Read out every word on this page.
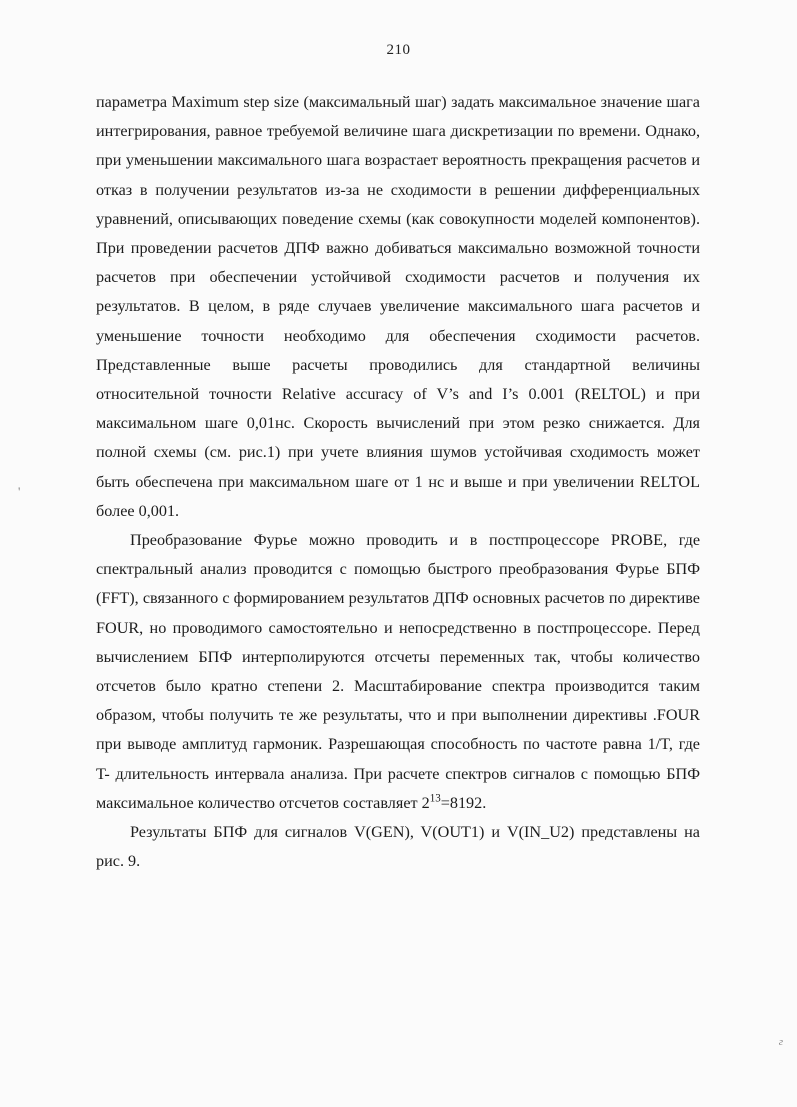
210

параметра Maximum step size (максимальный шаг) задать максимальное значение шага интегрирования, равное требуемой величине шага дискретизации по времени. Однако, при уменьшении максимального шага возрастает вероятность прекращения расчетов и отказ в получении результатов из-за не сходимости в решении дифференциальных уравнений, описывающих поведение схемы (как совокупности моделей компонентов). При проведении расчетов ДПФ важно добиваться максимально возможной точности расчетов при обеспечении устойчивой сходимости расчетов и получения их результатов. В целом, в ряде случаев увеличение максимального шага расчетов и уменьшение точности необходимо для обеспечения сходимости расчетов. Представленные выше расчеты проводились для стандартной величины относительной точности Relative accuracy of V’s and I’s 0.001 (RELTOL) и при максимальном шаге 0,01нс. Скорость вычислений при этом резко снижается. Для полной схемы (см. рис.1) при учете влияния шумов устойчивая сходимость может быть обеспечена при максимальном шаге от 1 нс и выше и при увеличении RELTOL более 0,001.

Преобразование Фурье можно проводить и в постпроцессоре PROBE, где спектральный анализ проводится с помощью быстрого преобразования Фурье БПФ (FFT), связанного с формированием результатов ДПФ основных расчетов по директиве FOUR, но проводимого самостоятельно и непосредственно в постпроцессоре. Перед вычислением БПФ интерполируются отсчеты переменных так, чтобы количество отсчетов было кратно степени 2. Масштабирование спектра производится таким образом, чтобы получить те же результаты, что и при выполнении директивы .FOUR при выводе амплитуд гармоник. Разрешающая способность по частоте равна 1/T, где T- длительность интервала анализа. При расчете спектров сигналов с помощью БПФ максимальное количество отсчетов составляет $2^{13}=8192$.

Результаты БПФ для сигналов V(GEN), V(OUT1) и V(IN_U2) представлены на рис. 9.

'
г
